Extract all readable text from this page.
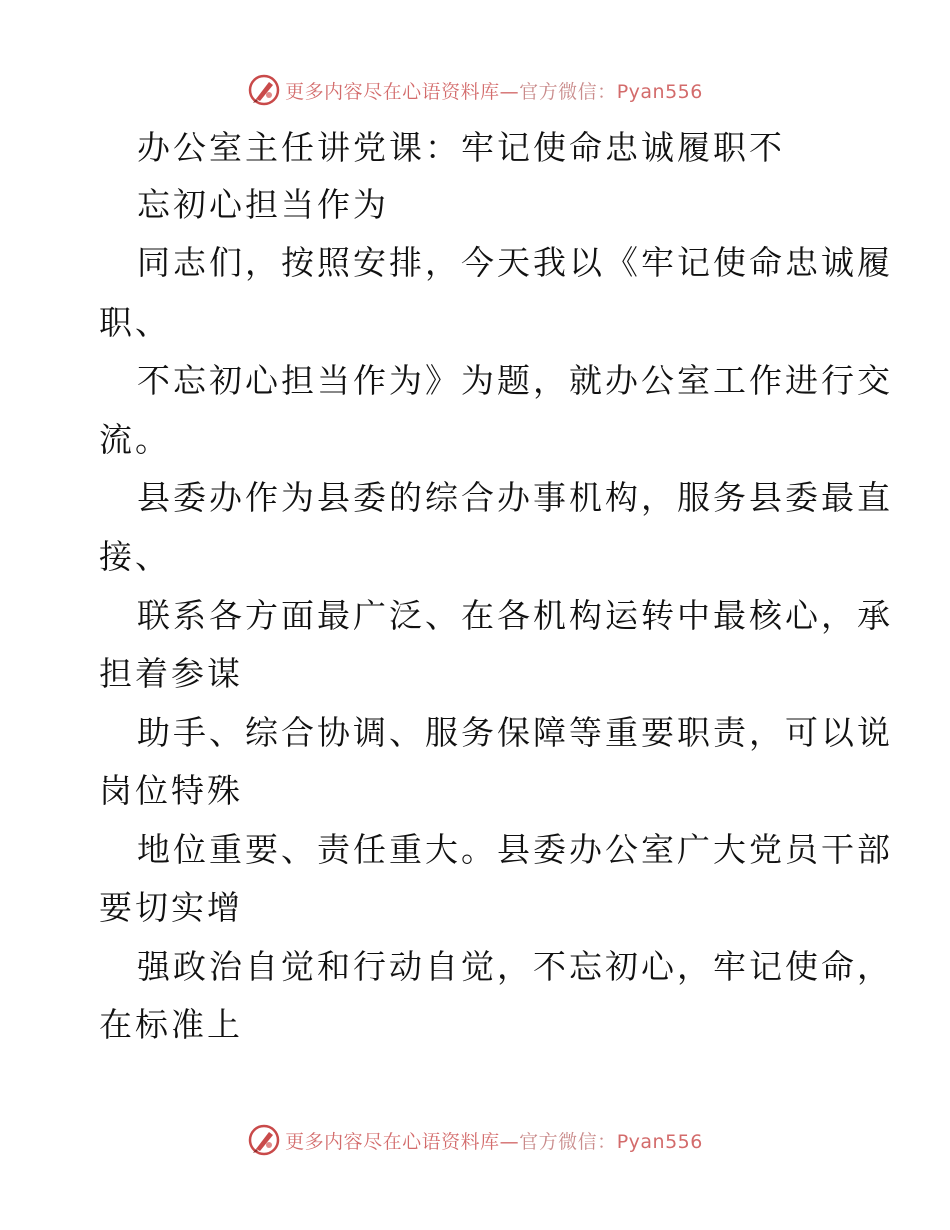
更多内容尽在心语资料库—官方微信：Pyan556
办公室主任讲党课：牢记使命忠诚履职不
忘初心担当作为
同志们，按照安排，今天我以《牢记使命忠诚履
职、
不忘初心担当作为》为题，就办公室工作进行交
流。
县委办作为县委的综合办事机构，服务县委最直
接、
联系各方面最广泛、在各机构运转中最核心，承
担着参谋
助手、综合协调、服务保障等重要职责，可以说
岗位特殊
地位重要、责任重大。县委办公室广大党员干部
要切实增
强政治自觉和行动自觉，不忘初心，牢记使命，
在标准上
更多内容尽在心语资料库—官方微信：Pyan556
